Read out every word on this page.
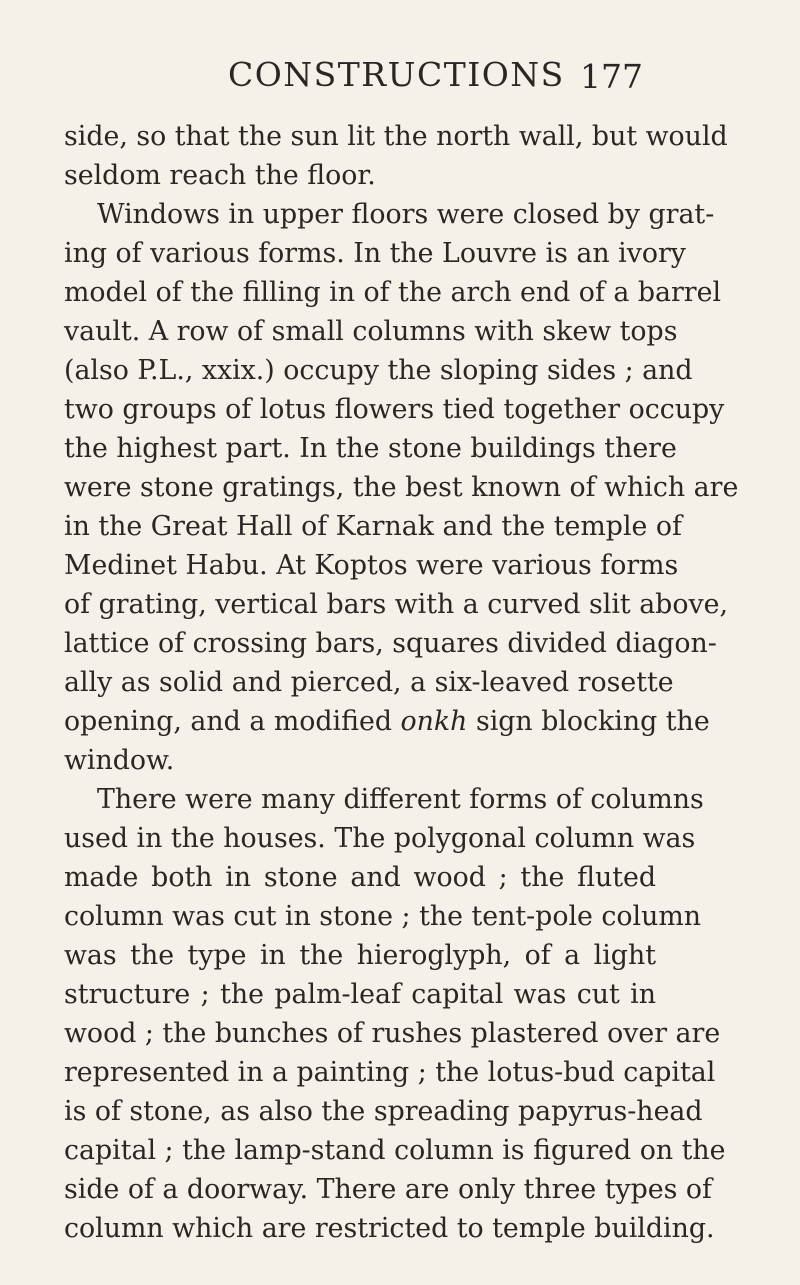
CONSTRUCTIONS 177
side, so that the sun lit the north wall, but would
seldom reach the floor.
Windows in upper floors were closed by grat-
ing of various forms. In the Louvre is an ivory
model of the filling in of the arch end of a barrel
vault. A row of small columns with skew tops
(also P.L., xxix.) occupy the sloping sides ; and
two groups of lotus flowers tied together occupy
the highest part. In the stone buildings there
were stone gratings, the best known of which are
in the Great Hall of Karnak and the temple of
Medinet Habu. At Koptos were various forms
of grating, vertical bars with a curved slit above,
lattice of crossing bars, squares divided diagon-
ally as solid and pierced, a six-leaved rosette
opening, and a modified onkh sign blocking the
window.
There were many different forms of columns
used in the houses. The polygonal column was
made both in stone and wood ; the fluted
column was cut in stone ; the tent-pole column
was the type in the hieroglyph, of a light
structure ; the palm-leaf capital was cut in
wood ; the bunches of rushes plastered over are
represented in a painting ; the lotus-bud capital
is of stone, as also the spreading papyrus-head
capital ; the lamp-stand column is figured on the
side of a doorway. There are only three types of
column which are restricted to temple building.
